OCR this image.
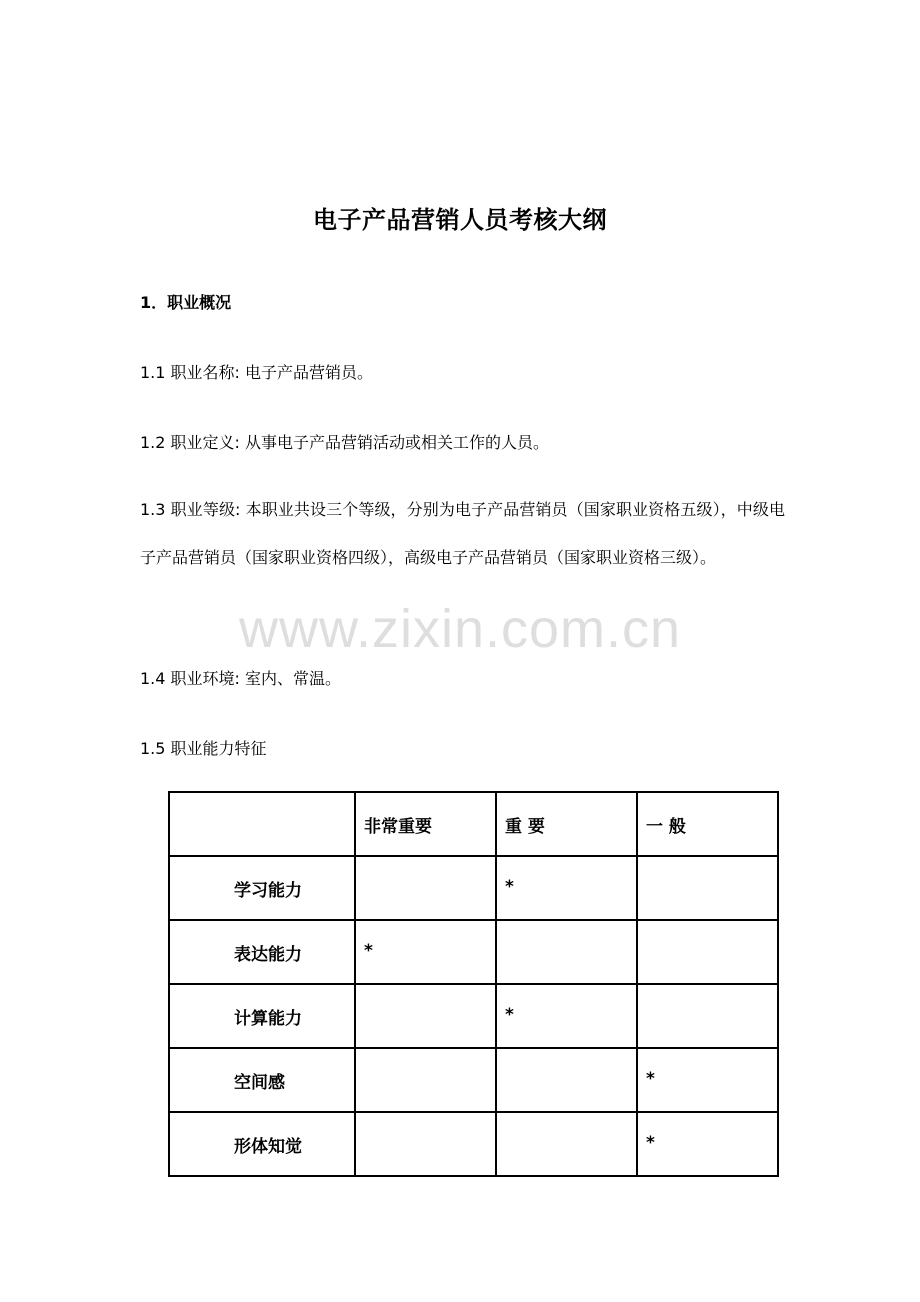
电子产品营销人员考核大纲
1．职业概况
1.1 职业名称: 电子产品营销员。
1.2 职业定义: 从事电子产品营销活动或相关工作的人员。
1.3 职业等级: 本职业共设三个等级，分别为电子产品营销员（国家职业资格五级），中级电子产品营销员（国家职业资格四级），高级电子产品营销员（国家职业资格三级）。
www.zixin.com.cn
1.4 职业环境: 室内、常温。
1.5 职业能力特征
	非常重要	重 要	一 般
学习能力		*	
表达能力	*		
计算能力		*	
空间感			*
形体知觉			*
